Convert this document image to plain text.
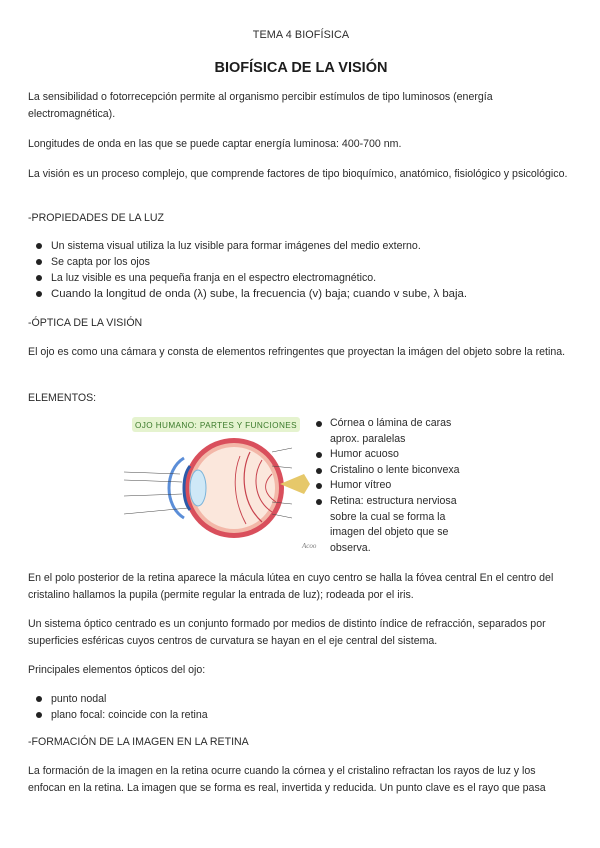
TEMA 4 BIOFÍSICA
BIOFÍSICA DE LA VISIÓN

La sensibilidad o fotorrecepción permite al organismo percibir estímulos de tipo luminosos (energía electromagnética).

Longitudes de onda en las que se puede captar energía luminosa: 400-700 nm.

La visión es un proceso complejo, que comprende factores de tipo bioquímico, anatómico, fisiológico y psicológico.

-PROPIEDADES DE LA LUZ

Un sistema visual utiliza la luz visible para formar imágenes del medio externo.
Se capta por los ojos
La luz visible es una pequeña franja en el espectro electromagnético.
Cuando la longitud de onda (λ) sube, la frecuencia (v) baja; cuando v sube, λ baja.

-ÓPTICA DE LA VISIÓN

El ojo es como una cámara y consta de elementos refringentes que proyectan la imágen del objeto sobre la retina.

ELEMENTOS:

OJO HUMANO: PARTES Y FUNCIONES
Acoo
Córnea o lámina de caras aprox. paralelas
Humor acuoso
Cristalino o lente biconvexa
Humor vítreo
Retina: estructura nerviosa sobre la cual se forma la imagen del objeto que se observa.

En el polo posterior de la retina aparece la mácula lútea en cuyo centro se halla la fóvea central En el centro del cristalino hallamos la pupila (permite regular la entrada de luz); rodeada por el iris.

Un sistema óptico centrado es un conjunto formado por medios de distinto índice de refracción, separados por superficies esféricas cuyos centros de curvatura se hayan en el eje central del sistema.

Principales elementos ópticos del ojo:

punto nodal
plano focal: coincide con la retina

-FORMACIÓN DE LA IMAGEN EN LA RETINA

La formación de la imagen en la retina ocurre cuando la córnea y el cristalino refractan los rayos de luz y los enfocan en la retina. La imagen que se forma es real, invertida y reducida. Un punto clave es el rayo que pasa
